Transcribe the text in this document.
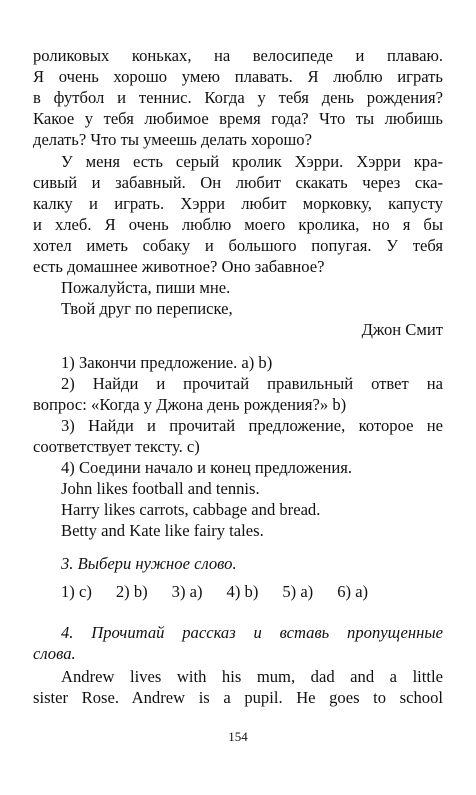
роликовых коньках, на велосипеде и плаваю.
Я очень хорошо умею плавать. Я люблю играть
в футбол и теннис. Когда у тебя день рождения?
Какое у тебя любимое время года? Что ты любишь
делать? Что ты умеешь делать хорошо?
У меня есть серый кролик Хэрри. Хэрри кра-
сивый и забавный. Он любит скакать через ска-
калку и играть. Хэрри любит морковку, капусту
и хлеб. Я очень люблю моего кролика, но я бы
хотел иметь собаку и большого попугая. У тебя
есть домашнее животное? Оно забавное?
Пожалуйста, пиши мне.
Твой друг по переписке,
Джон Смит
1) Закончи предложение. а) b)
2) Найди и прочитай правильный ответ на
вопрос: «Когда у Джона день рождения?» b)
3) Найди и прочитай предложение, которое не
соответствует тексту. с)
4) Соедини начало и конец предложения.
John likes football and tennis.
Harry likes carrots, cabbage and bread.
Betty and Kate like fairy tales.
3. Выбери нужное слово.
1) с) 2) b) 3) а) 4) b) 5) а) 6) а)
4. Прочитай рассказ и вставь пропущенные
слова.
Andrew lives with his mum, dad and a little
sister Rose. Andrew is a pupil. He goes to school
154
